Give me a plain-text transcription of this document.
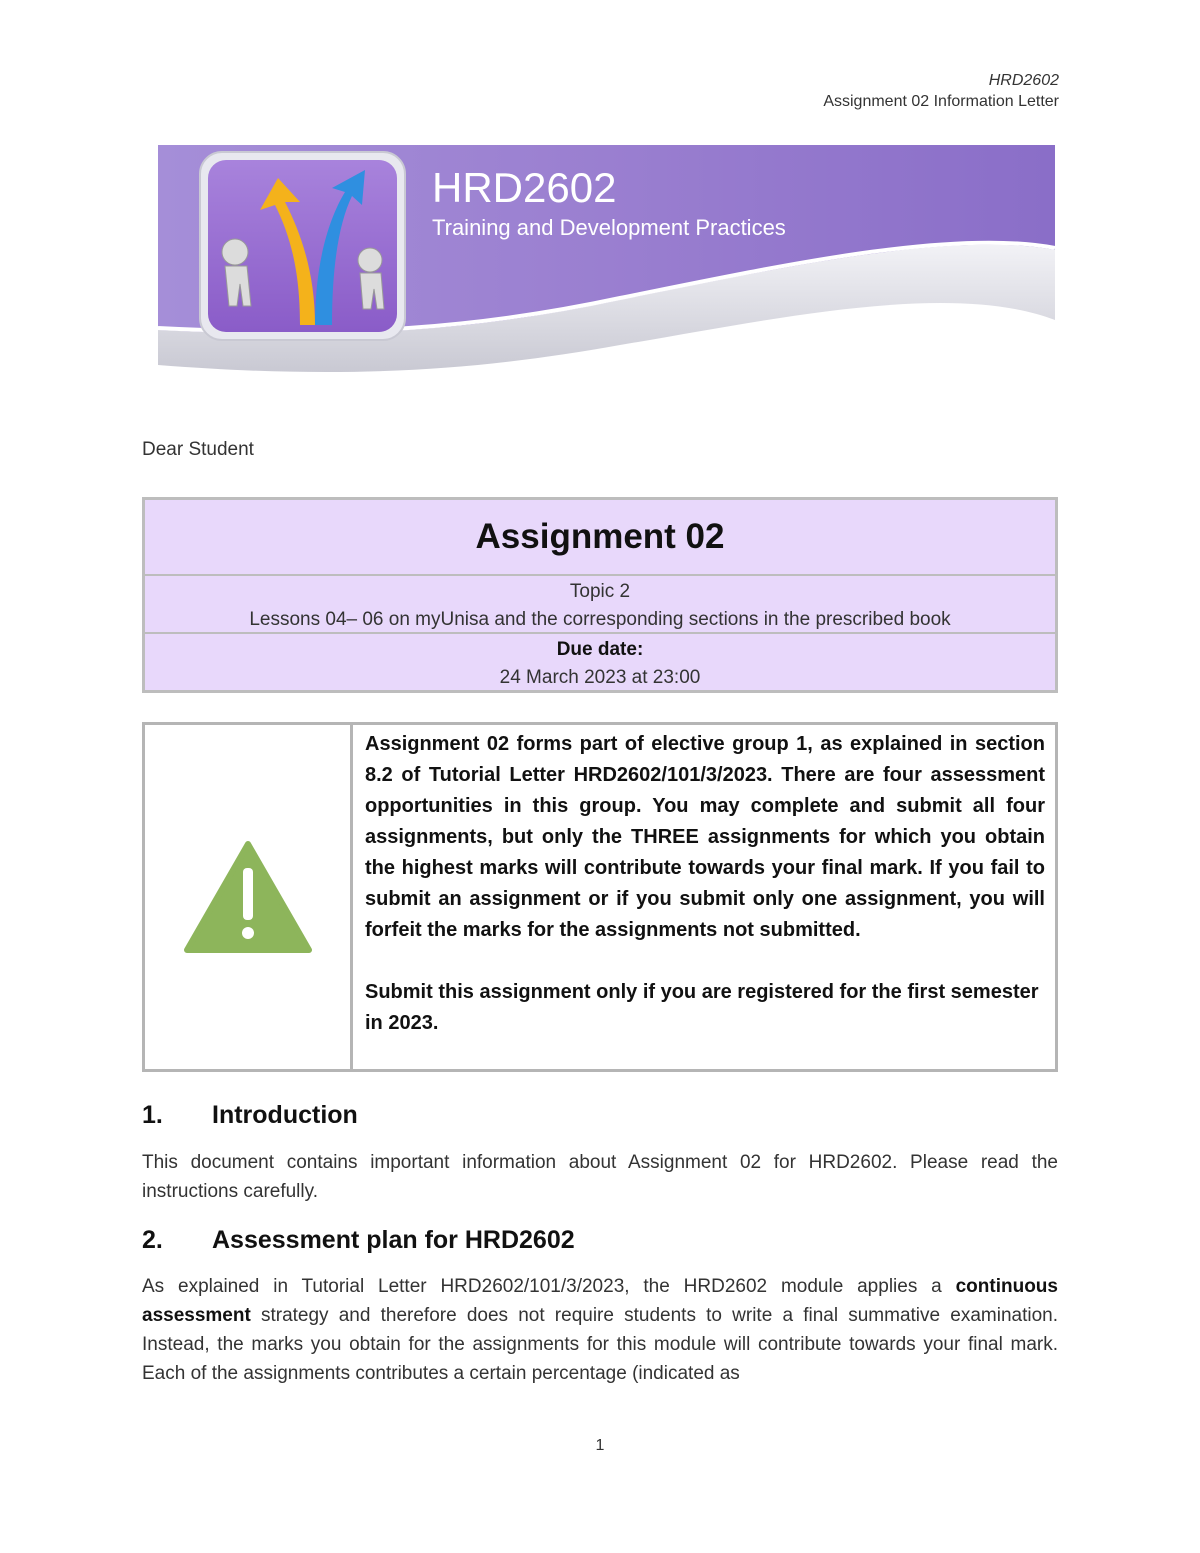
HRD2602
Assignment 02 Information Letter
HRD2602
Training and Development Practices
Dear Student
Assignment 02
Topic 2
Lessons 04– 06 on myUnisa and the corresponding sections in the prescribed book
Due date:
24 March 2023 at 23:00

Assignment 02 forms part of elective group 1, as explained in section 8.2 of Tutorial Letter HRD2602/101/3/2023. There are four assessment opportunities in this group. You may complete and submit all four assignments, but only the THREE assignments for which you obtain the highest marks will contribute towards your final mark. If you fail to submit an assignment or if you submit only one assignment, you will forfeit the marks for the assignments not submitted.

Submit this assignment only if you are registered for the first semester in 2023.

1. Introduction

This document contains important information about Assignment 02 for HRD2602. Please read the instructions carefully.

2. Assessment plan for HRD2602

As explained in Tutorial Letter HRD2602/101/3/2023, the HRD2602 module applies a continuous assessment strategy and therefore does not require students to write a final summative examination. Instead, the marks you obtain for the assignments for this module will contribute towards your final mark. Each of the assignments contributes a certain percentage (indicated as

1
